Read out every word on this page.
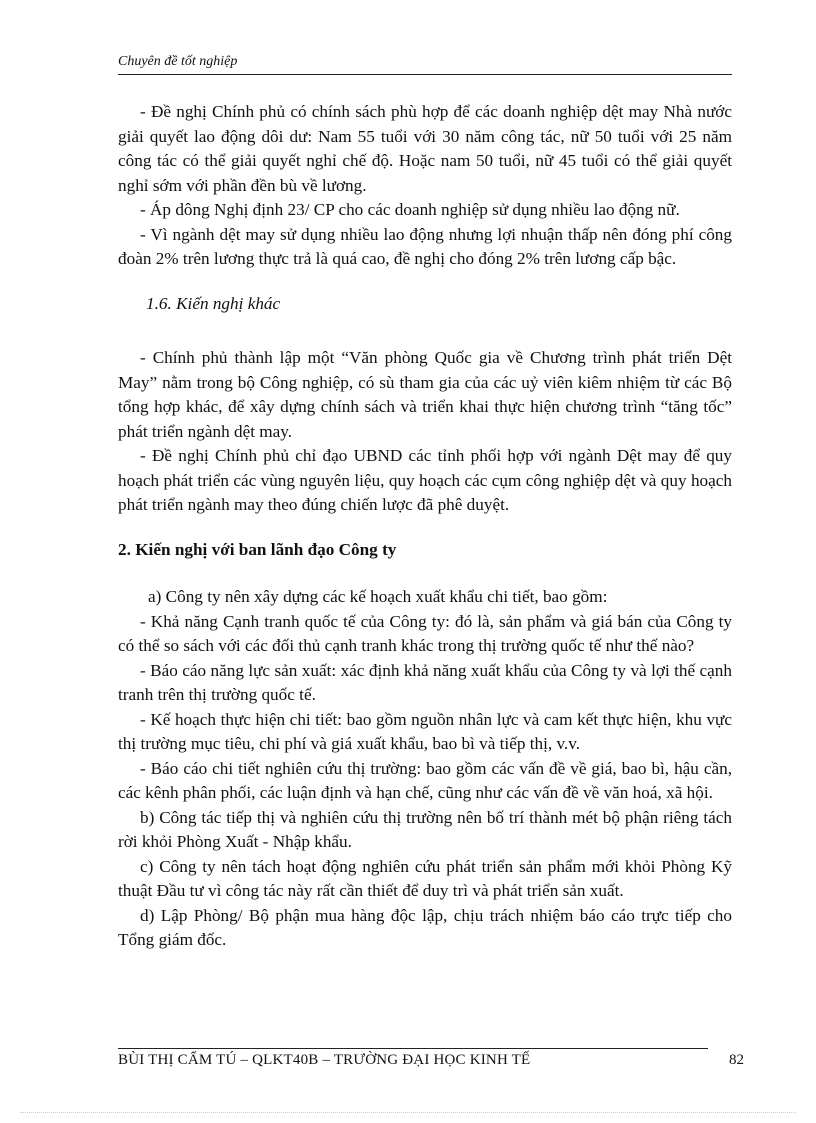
Chuyên đề tốt nghiệp

- Đề nghị Chính phủ có chính sách phù hợp để các doanh nghiệp dệt may Nhà nước giải quyết lao động dôi dư: Nam 55 tuổi với 30 năm công tác, nữ 50 tuổi với 25 năm công tác có thể giải quyết nghỉ chế độ. Hoặc nam 50 tuổi, nữ 45 tuổi có thể giải quyết nghỉ sớm với phần đền bù về lương.

- Áp dông Nghị định 23/ CP cho các doanh nghiệp sử dụng nhiều lao động nữ.

- Vì ngành dệt may sử dụng nhiều lao động nhưng lợi nhuận thấp nên đóng phí công đoàn 2% trên lương thực trả là quá cao, đề nghị cho đóng 2% trên lương cấp bậc.

1.6. Kiến nghị khác

- Chính phủ thành lập một “Văn phòng Quốc gia về Chương trình phát triển Dệt May” nằm trong bộ Công nghiệp, có sù tham gia của các uỷ viên kiêm nhiệm từ các Bộ tổng hợp khác, để xây dựng chính sách và triển khai thực hiện chương trình “tăng tốc” phát triển ngành dệt may.

- Đề nghị Chính phủ chỉ đạo UBND các tỉnh phối hợp với ngành Dệt may để quy hoạch phát triển các vùng nguyên liệu, quy hoạch các cụm công nghiệp dệt và quy hoạch phát triển ngành may theo đúng chiến lược đã phê duyệt.

2. Kiến nghị với ban lãnh đạo Công ty

a) Công ty nên xây dựng các kế hoạch xuất khẩu chi tiết, bao gồm:

- Khả năng Cạnh tranh quốc tế của Công ty: đó là, sản phẩm và giá bán của Công ty có thể so sách với các đối thủ cạnh tranh khác trong thị trường quốc tế như thế nào?

- Báo cáo năng lực sản xuất: xác định khả năng xuất khẩu của Công ty và lợi thế cạnh tranh trên thị trường quốc tế.

- Kế hoạch thực hiện chi tiết: bao gồm nguồn nhân lực và cam kết thực hiện, khu vực thị trường mục tiêu, chi phí và giá xuất khẩu, bao bì và tiếp thị, v.v.

- Báo cáo chi tiết nghiên cứu thị trường: bao gồm các vấn đề về giá, bao bì, hậu cần, các kênh phân phối, các luận định và hạn chế, cũng như các vấn đề về văn hoá, xã hội.

b) Công tác tiếp thị và nghiên cứu thị trường nên bố trí thành mét bộ phận riêng tách rời khỏi Phòng Xuất - Nhập khẩu.

c) Công ty nên tách hoạt động nghiên cứu phát triển sản phẩm mới khỏi Phòng Kỹ thuật Đầu tư vì công tác này rất cần thiết để duy trì và phát triển sản xuất.

d) Lập Phòng/ Bộ phận mua hàng độc lập, chịu trách nhiệm báo cáo trực tiếp cho Tổng giám đốc.

BÙI THỊ CẨM TÚ – QLKT40B – TRƯỜNG ĐẠI HỌC KINH TẾ	82
